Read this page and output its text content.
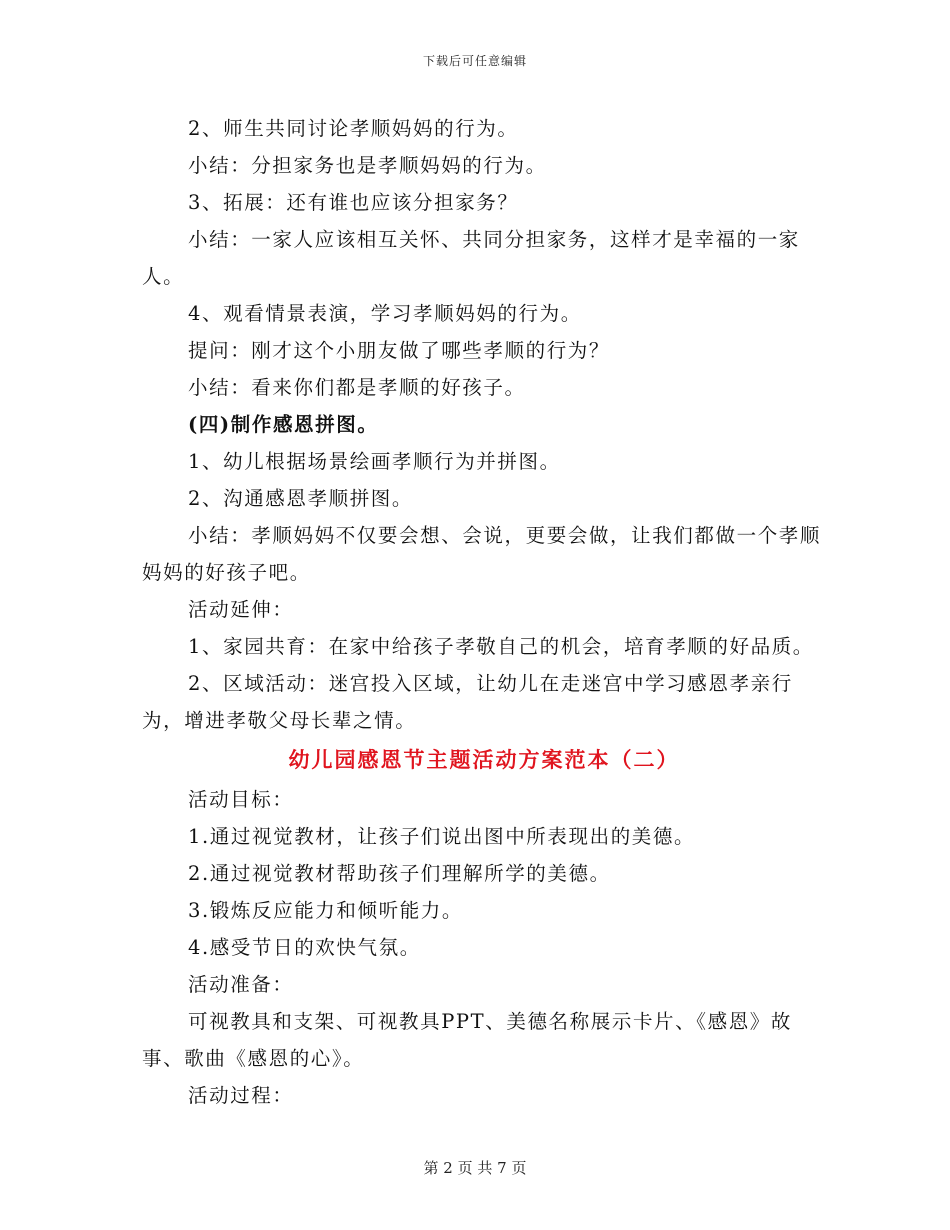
下载后可任意编辑

2、师生共同讨论孝顺妈妈的行为。

小结：分担家务也是孝顺妈妈的行为。

3、拓展：还有谁也应该分担家务？

小结：一家人应该相互关怀、共同分担家务，这样才是幸福的一家人。

4、观看情景表演，学习孝顺妈妈的行为。

提问：刚才这个小朋友做了哪些孝顺的行为？

小结：看来你们都是孝顺的好孩子。

(四)制作感恩拼图。

1、幼儿根据场景绘画孝顺行为并拼图。

2、沟通感恩孝顺拼图。

小结：孝顺妈妈不仅要会想、会说，更要会做，让我们都做一个孝顺妈妈的好孩子吧。

活动延伸：

1、家园共育：在家中给孩子孝敬自己的机会，培育孝顺的好品质。

2、区域活动：迷宫投入区域，让幼儿在走迷宫中学习感恩孝亲行为，增进孝敬父母长辈之情。

幼儿园感恩节主题活动方案范本（二）

活动目标：

1.通过视觉教材，让孩子们说出图中所表现出的美德。

2.通过视觉教材帮助孩子们理解所学的美德。

3.锻炼反应能力和倾听能力。

4.感受节日的欢快气氛。

活动准备：

可视教具和支架、可视教具PPT、美德名称展示卡片、《感恩》故事、歌曲《感恩的心》。

活动过程：

第 2 页 共 7 页
